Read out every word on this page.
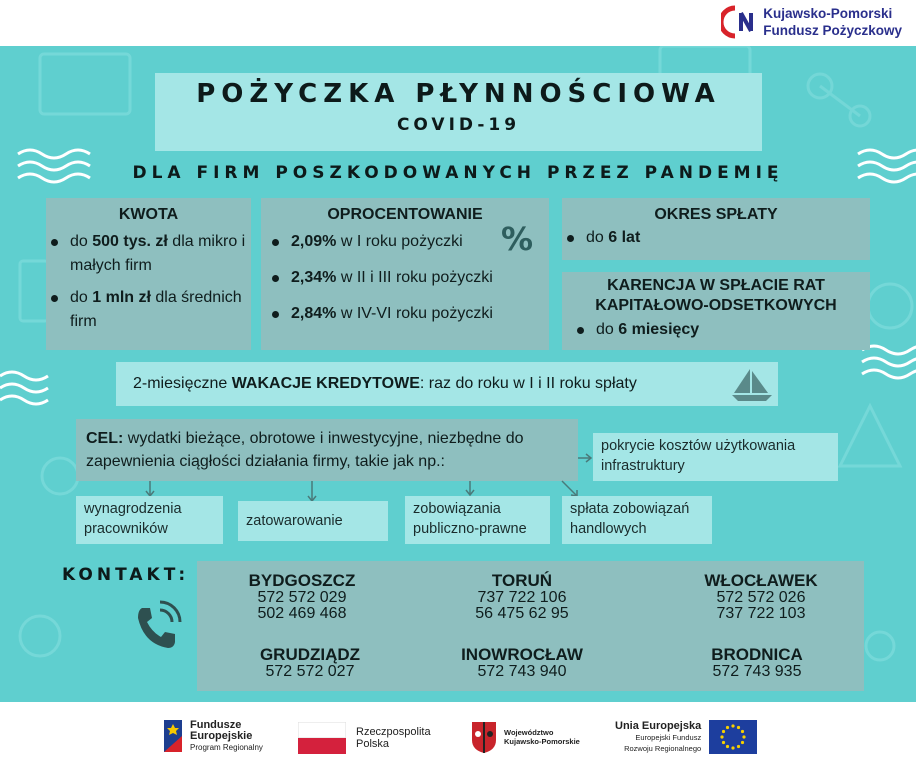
Kujawsko-Pomorski
Fundusz Pożyczkowy
POŻYCZKA PŁYNNOŚCIOWA
COVID-19
DLA FIRM POSZKODOWANYCH PRZEZ PANDEMIĘ
KWOTA
do 500 tys. zł dla mikro i małych firm
do 1 mln zł dla średnich firm
OPROCENTOWANIE
%
2,09% w I roku pożyczki
2,34% w II i III roku pożyczki
2,84% w IV-VI roku pożyczki
OKRES SPŁATY
do 6 lat
KARENCJA W SPŁACIE RAT KAPITAŁOWO-ODSETKOWYCH
do 6 miesięcy
2-miesięczne WAKACJE KREDYTOWE: raz do roku w I i II roku spłaty
CEL: wydatki bieżące, obrotowe i inwestycyjne, niezbędne do zapewnienia ciągłości działania firmy, takie jak np.:
pokrycie kosztów użytkowania infrastruktury
wynagrodzenia pracowników	zatowarowanie
zobowiązania publiczno-prawne
spłata zobowiązań handlowych
KONTAKT:	BYDGOSZCZ
572 572 029
502 469 468
TORUŃ
737 722 106
56 475 62 95
WŁOCŁAWEK
572 572 026
737 722 103
GRUDZIĄDZ
572 572 027
INOWROCŁAW
572 743 940
BRODNICA
572 743 935
Fundusze
Europejskie
Program Regionalny
Rzeczpospolita
Polska
Województwo
Kujawsko-Pomorskie
Unia Europejska
Europejski Fundusz
Rozwoju Regionalnego
